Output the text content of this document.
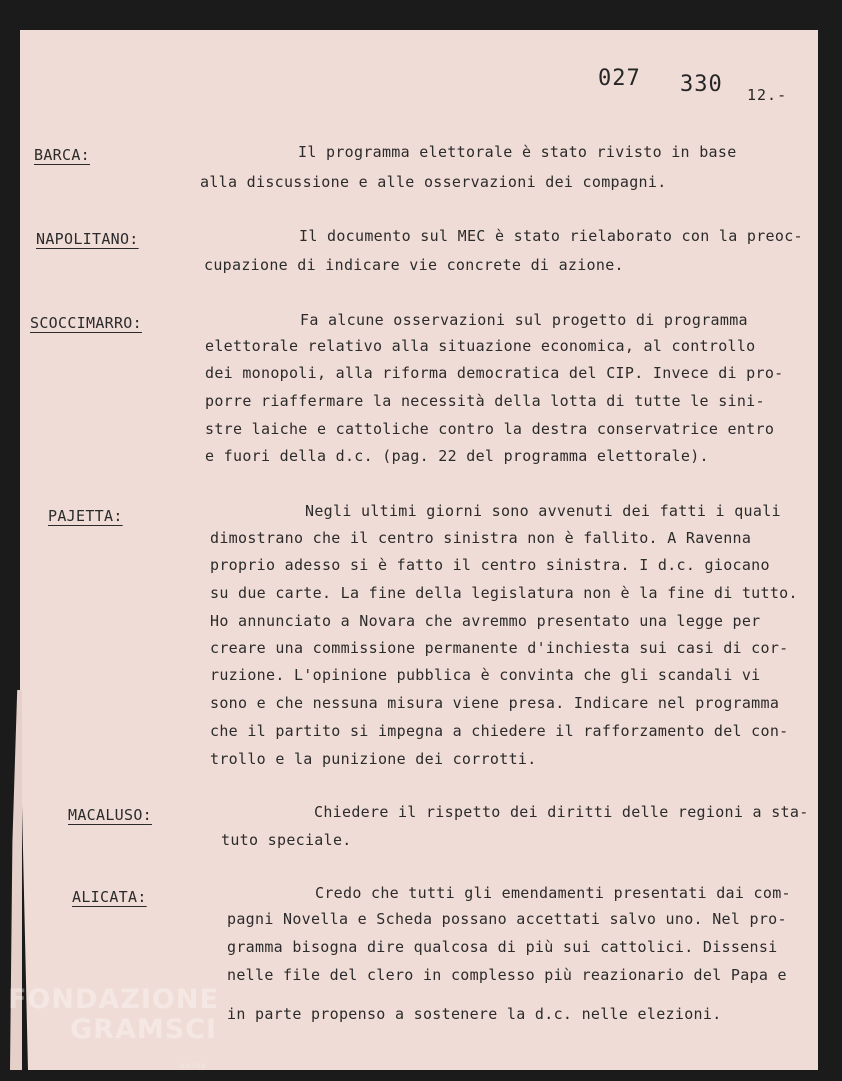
027 330 12.-
BARCA:	Il programma elettorale è stato rivisto in base
alla discussione e alle osservazioni dei compagni.
NAPOLITANO:	Il documento sul MEC è stato rielaborato con la preoc-
cupazione di indicare vie concrete di azione.
SCOCCIMARRO:	Fa alcune osservazioni sul progetto di programma
elettorale relativo alla situazione economica, al controllo
dei monopoli, alla riforma democratica del CIP. Invece di pro-
porre riaffermare la necessità della lotta di tutte le sini-
stre laiche e cattoliche contro la destra conservatrice entro
e fuori della d.c. (pag. 22 del programma elettorale).
PAJETTA:	Negli ultimi giorni sono avvenuti dei fatti i quali
dimostrano che il centro sinistra non è fallito. A Ravenna
proprio adesso si è fatto il centro sinistra. I d.c. giocano
su due carte. La fine della legislatura non è la fine di tutto.
Ho annunciato a Novara che avremmo presentato una legge per
creare una commissione permanente d'inchiesta sui casi di cor-
ruzione. L'opinione pubblica è convinta che gli scandali vi
sono e che nessuna misura viene presa. Indicare nel programma
che il partito si impegna a chiedere il rafforzamento del con-
trollo e la punizione dei corrotti.
MACALUSO:	Chiedere il rispetto dei diritti delle regioni a sta-
tuto speciale.
ALICATA:	Credo che tutti gli emendamenti presentati dai com-
pagni Novella e Scheda possano accettati salvo uno. Nel pro-
gramma bisogna dire qualcosa di più sui cattolici. Dissensi
nelle file del clero in complesso più reazionario del Papa e
in parte propenso a sostenere la d.c. nelle elezioni.
FONDAZIONE
GRAMSCI
onlus
